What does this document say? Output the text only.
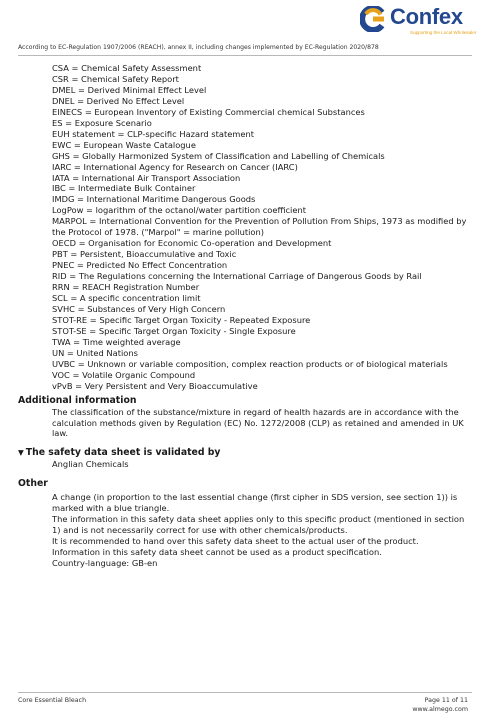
Confex
Supporting the Local Wholesaler
According to EC-Regulation 1907/2006 (REACH), annex II, including changes implemented by EC-Regulation 2020/878
CSA = Chemical Safety Assessment
CSR = Chemical Safety Report
DMEL = Derived Minimal Effect Level
DNEL = Derived No Effect Level
EINECS = European Inventory of Existing Commercial chemical Substances
ES = Exposure Scenario
EUH statement = CLP-specific Hazard statement
EWC = European Waste Catalogue
GHS = Globally Harmonized System of Classification and Labelling of Chemicals
IARC = International Agency for Research on Cancer (IARC)
IATA = International Air Transport Association
IBC = Intermediate Bulk Container
IMDG = International Maritime Dangerous Goods
LogPow = logarithm of the octanol/water partition coefficient
MARPOL = International Convention for the Prevention of Pollution From Ships, 1973 as modified by the Protocol of 1978. ("Marpol" = marine pollution)
OECD = Organisation for Economic Co-operation and Development
PBT = Persistent, Bioaccumulative and Toxic
PNEC = Predicted No Effect Concentration
RID = The Regulations concerning the International Carriage of Dangerous Goods by Rail
RRN = REACH Registration Number
SCL = A specific concentration limit
SVHC = Substances of Very High Concern
STOT-RE = Specific Target Organ Toxicity - Repeated Exposure
STOT-SE = Specific Target Organ Toxicity - Single Exposure
TWA = Time weighted average
UN = United Nations
UVBC = Unknown or variable composition, complex reaction products or of biological materials
VOC = Volatile Organic Compound
vPvB = Very Persistent and Very Bioaccumulative
Additional information

The classification of the substance/mixture in regard of health hazards are in accordance with the calculation methods given by Regulation (EC) No. 1272/2008 (CLP) as retained and amended in UK law.

▼ The safety data sheet is validated by

Anglian Chemicals

Other

A change (in proportion to the last essential change (first cipher in SDS version, see section 1)) is marked with a blue triangle.

The information in this safety data sheet applies only to this specific product (mentioned in section 1) and is not necessarily correct for use with other chemicals/products.

It is recommended to hand over this safety data sheet to the actual user of the product.

Information in this safety data sheet cannot be used as a product specification.

Country-language: GB-en

Core Essential Bleach	Page 11 of 11
www.almego.com
